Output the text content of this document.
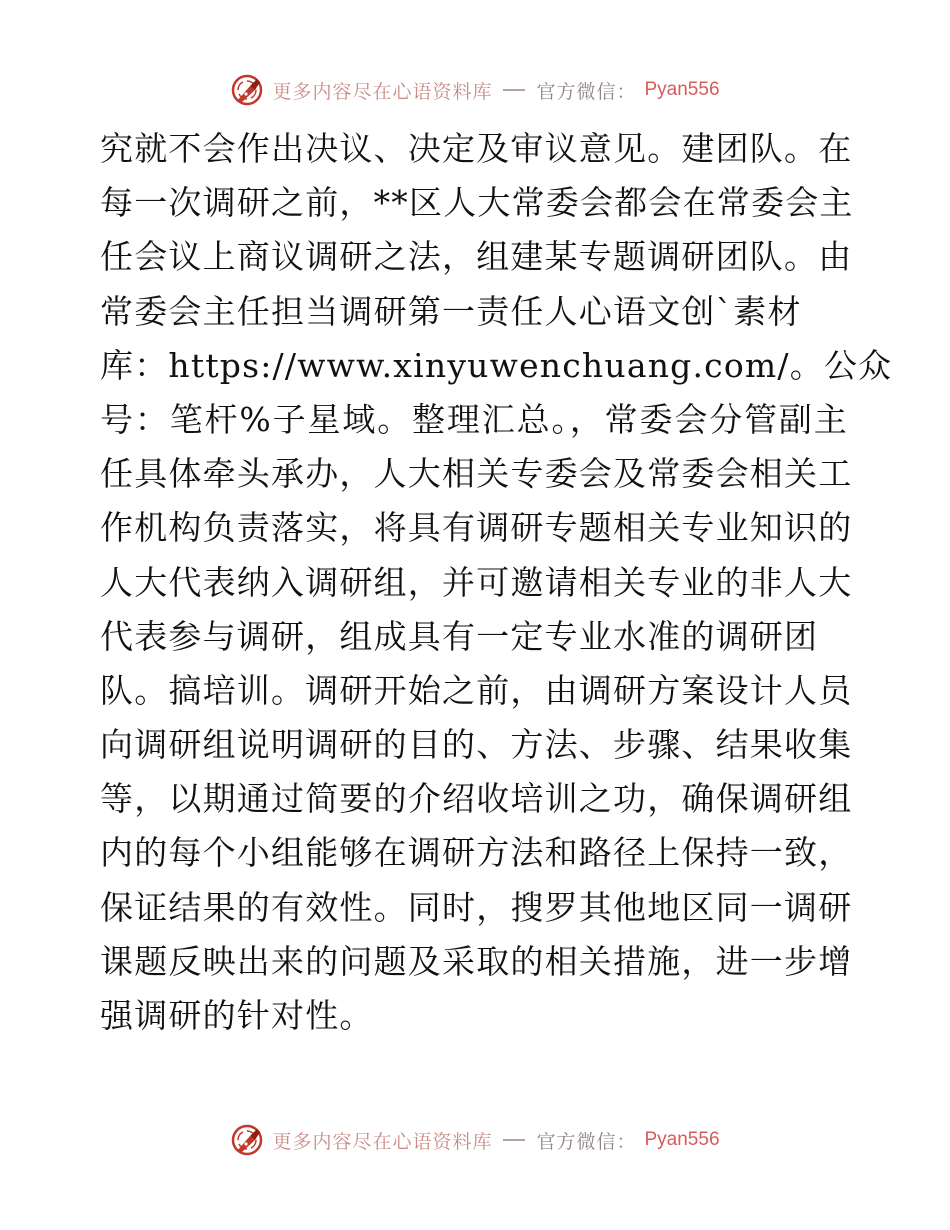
更多内容尽在心语资料库 官方微信： Pyan556
究就不会作出决议、决定及审议意见。建团队。在
每一次调研之前，**区人大常委会都会在常委会主
任会议上商议调研之法，组建某专题调研团队。由
常委会主任担当调研第一责任人心语文创`素材
库：https://www.xinyuwenchuang.com/。公众
号：笔杆%子星域。整理汇总。，常委会分管副主
任具体牵头承办，人大相关专委会及常委会相关工
作机构负责落实，将具有调研专题相关专业知识的
人大代表纳入调研组，并可邀请相关专业的非人大
代表参与调研，组成具有一定专业水准的调研团
队。搞培训。调研开始之前，由调研方案设计人员
向调研组说明调研的目的、方法、步骤、结果收集
等，以期通过简要的介绍收培训之功，确保调研组
内的每个小组能够在调研方法和路径上保持一致，
保证结果的有效性。同时，搜罗其他地区同一调研
课题反映出来的问题及采取的相关措施，进一步增
强调研的针对性。
更多内容尽在心语资料库 官方微信： Pyan556
